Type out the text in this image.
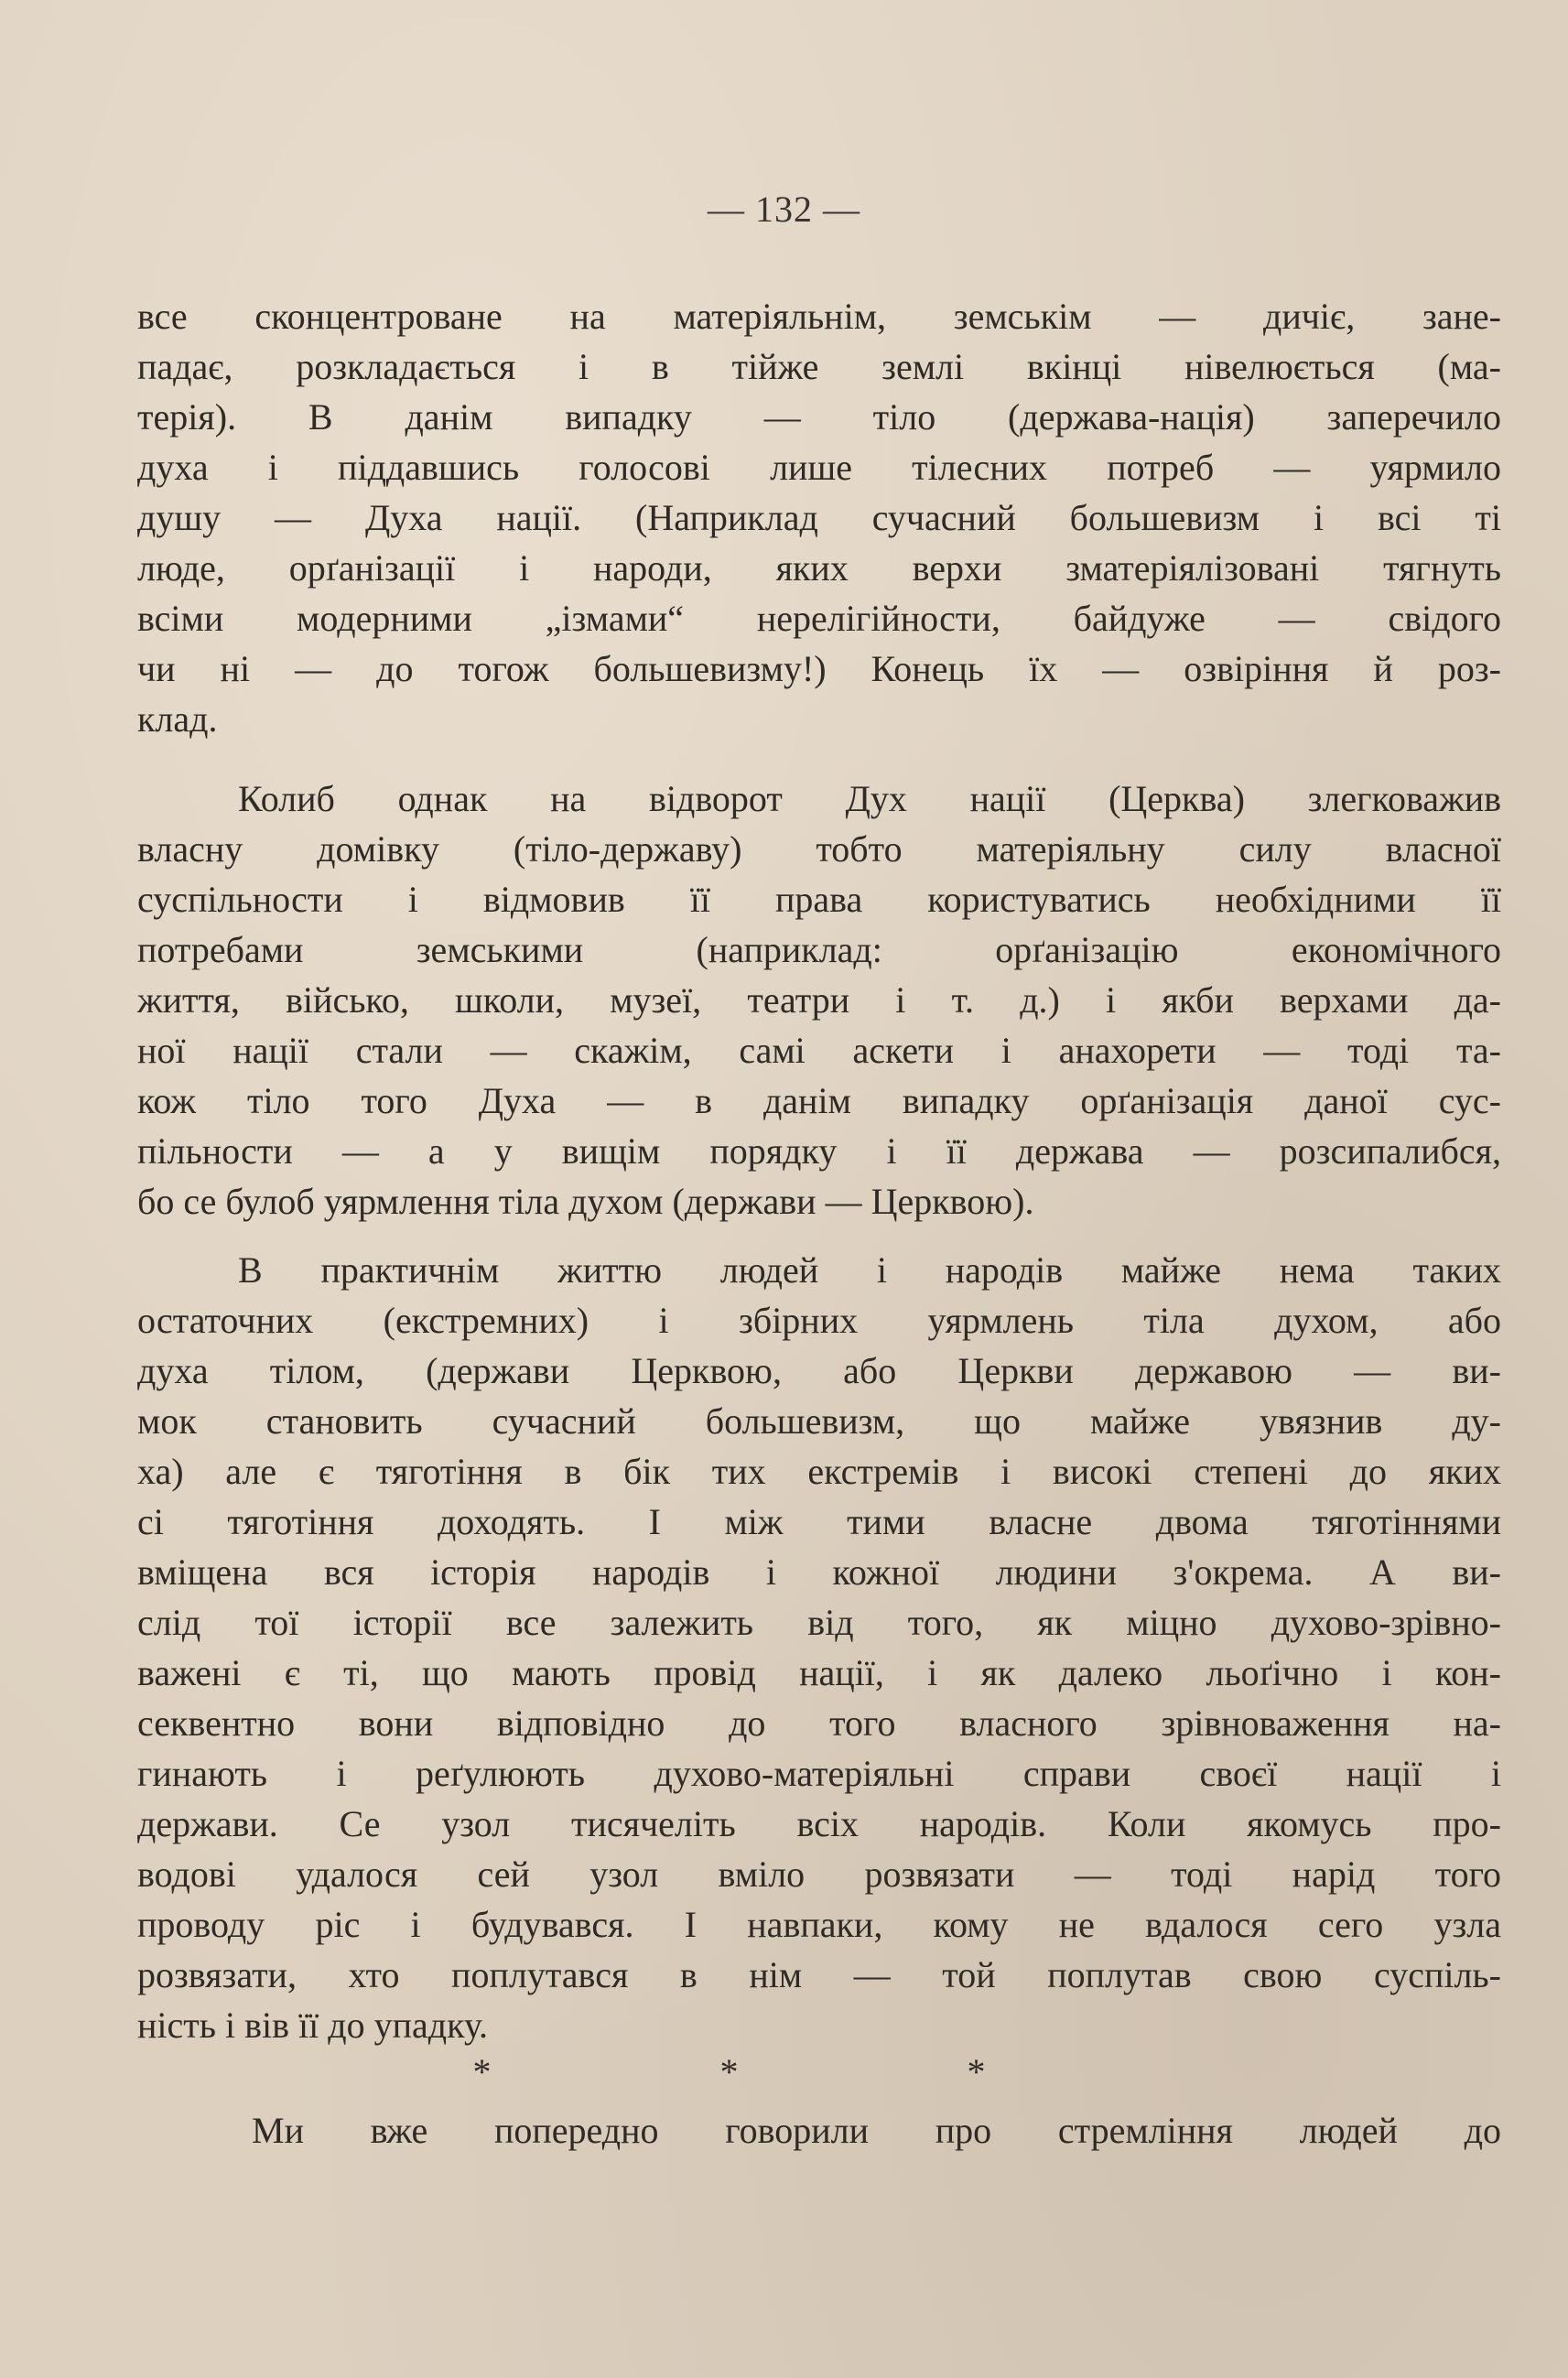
— 132 —
все сконцентроване на матеріяльнім, земськім — дичіє, зане-
падає, розкладається і в тійже землі вкінці нівелюється (ма-
терія). В данім випадку — тіло (держава-нація) заперечило
духа і піддавшись голосові лише тілесних потреб — уярмило
душу — Духа нації. (Наприклад сучасний большевизм і всі ті
люде, орґанізації і народи, яких верхи зматеріялізовані тягнуть
всіми модерними „ізмами“ нерелігійности, байдуже — свідого
чи ні — до тогож большевизму!) Конець їх — озвіріння й роз-
клад.
Колиб однак на відворот Дух нації (Церква) злегковажив
власну домівку (тіло-державу) тобто матеріяльну силу власної
суспільности і відмовив її права користуватись необхідними її
потребами земськими (наприклад: орґанізацію економічного
життя, військо, школи, музеї, театри і т. д.) і якби верхами да-
ної нації стали — скажім, самі аскети і анахорети — тоді та-
кож тіло того Духа — в данім випадку орґанізація даної сус-
пільности — а у вищім порядку і її держава — розсипалибся,
бо се булоб уярмлення тіла духом (держави — Церквою).
В практичнім життю людей і народів майже нема таких
остаточних (екстремних) і збірних уярмлень тіла духом, або
духа тілом, (держави Церквою, або Церкви державою — ви-
мок становить сучасний большевизм, що майже увязнив ду-
ха) але є тяготіння в бік тих екстремів і високі степені до яких
сі тяготіння доходять. І між тими власне двома тяготіннями
вміщена вся історія народів і кожної людини з'окрема. А ви-
слід тої історії все залежить від того, як міцно духово-зрівно-
важені є ті, що мають провід нації, і як далеко льоґічно і кон-
секвентно вони відповідно до того власного зрівноваження на-
гинають і реґулюють духово-матеріяльні справи своєї нації і
держави. Се узол тисячеліть всіх народів. Коли якомусь про-
водові удалося сей узол вміло розвязати — тоді нарід того
проводу ріс і будувався. І навпаки, кому не вдалося сего узла
розвязати, хто поплутався в нім — той поплутав свою суспіль-
ність і вів її до упадку.
* * *
Ми вже попередно говорили про стремління людей до
